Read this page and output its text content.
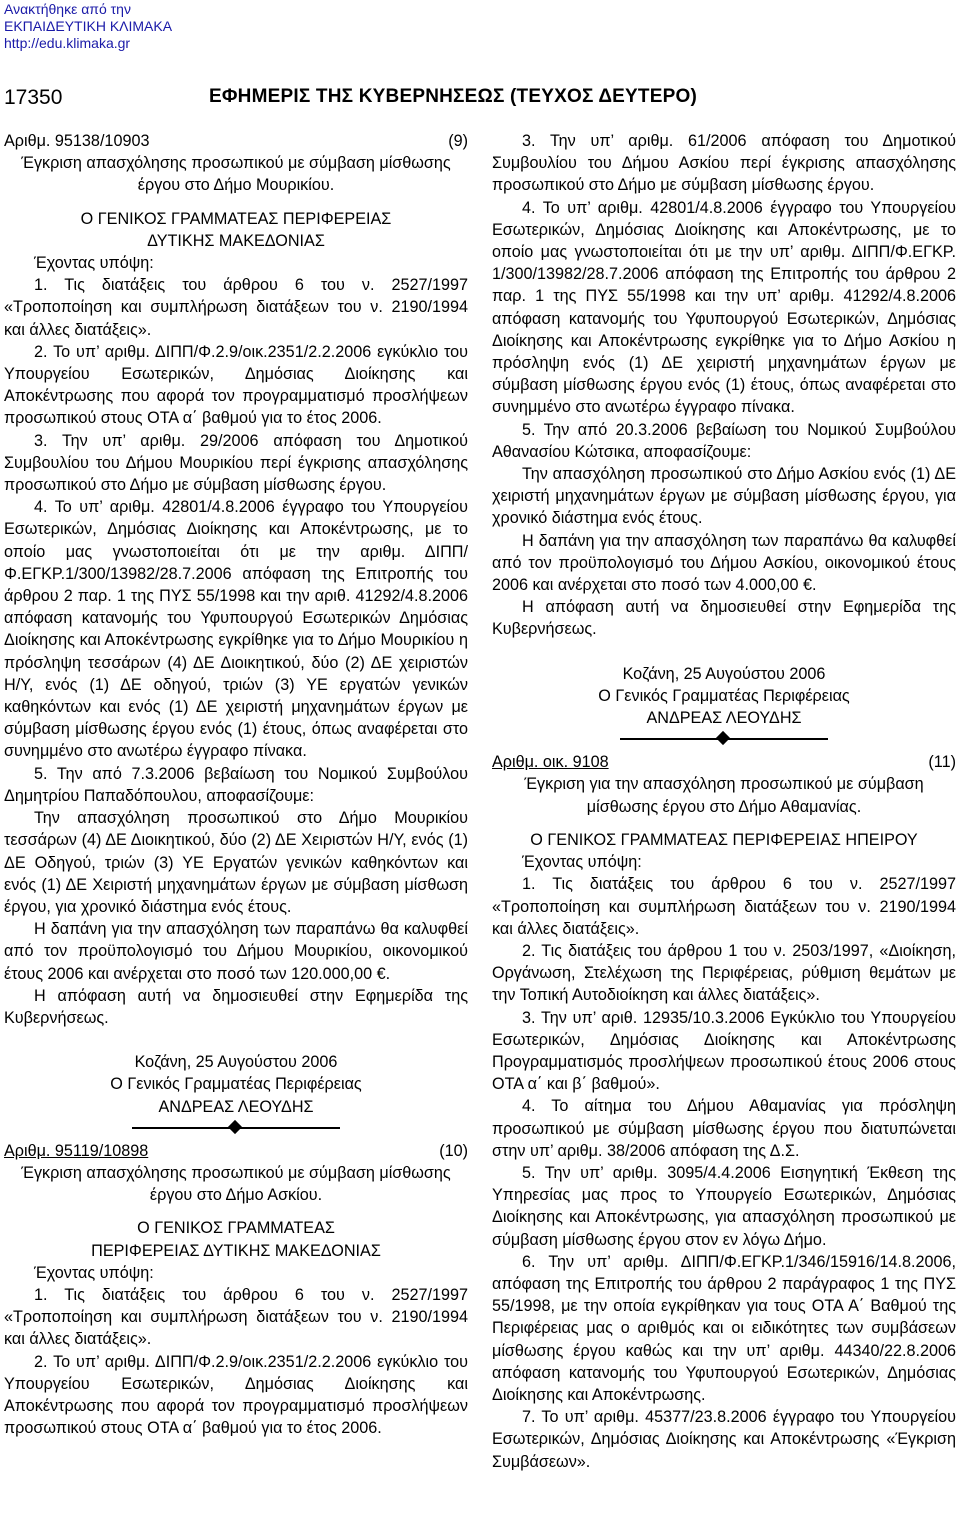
Ανακτήθηκε από την
ΕΚΠΑΙΔΕΥΤΙΚΗ ΚΛΙΜΑΚΑ
http://edu.klimaka.gr
17350	ΕΦΗΜΕΡΙΣ ΤΗΣ ΚΥΒΕΡΝΗΣΕΩΣ (ΤΕΥΧΟΣ ΔΕΥΤΕΡΟ)
Αριθμ. 95138/10903	(9)

Έγκριση απασχόλησης προσωπικού με σύμβαση μίσθωσης έργου στο Δήμο Μουρικίου.

Ο ΓΕΝΙΚΟΣ ΓΡΑΜΜΑΤΕΑΣ ΠΕΡΙΦΕΡΕΙΑΣ

ΔΥΤΙΚΗΣ ΜΑΚΕΔΟΝΙΑΣ

Έχοντας υπόψη:

1. Τις διατάξεις του άρθρου 6 του ν. 2527/1997 «Τροποποίηση και συμπλήρωση διατάξεων του ν. 2190/1994 και άλλες διατάξεις».

2. Το υπ’ αριθμ. ΔΙΠΠ/Φ.2.9/οικ.2351/2.2.2006 εγκύκλιο του Υπουργείου Εσωτερικών, Δημόσιας Διοίκησης και Αποκέντρωσης που αφορά τον προγραμματισμό προσλήψεων προσωπικού στους ΟΤΑ α΄ βαθμού για το έτος 2006.

3. Την υπ’ αριθμ. 29/2006 απόφαση του Δημοτικού Συμβουλίου του Δήμου Μουρικίου περί έγκρισης απασχόλησης προσωπικού στο Δήμο με σύμβαση μίσθωσης έργου.

4. Το υπ’ αριθμ. 42801/4.8.2006 έγγραφο του Υπουργείου Εσωτερικών, Δημόσιας Διοίκησης και Αποκέντρωσης, με το οποίο μας γνωστοποιείται ότι με την αριθμ. ΔΙΠΠ/Φ.ΕΓΚΡ.1/300/13982/28.7.2006 απόφαση της Επιτροπής του άρθρου 2 παρ. 1 της ΠΥΣ 55/1998 και την αριθ. 41292/4.8.2006 απόφαση κατανομής του Υφυπουργού Εσωτερικών Δημόσιας Διοίκησης και Αποκέντρωσης εγκρίθηκε για το Δήμο Μουρικίου η πρόσληψη τεσσάρων (4) ΔΕ Διοικητικού, δύο (2) ΔΕ χειριστών Η/Υ, ενός (1) ΔΕ οδηγού, τριών (3) ΥΕ εργατών γενικών καθηκόντων και ενός (1) ΔΕ χειριστή μηχανημάτων έργων με σύμβαση μίσθωσης έργου ενός (1) έτους, όπως αναφέρεται στο συνημμένο στο ανωτέρω έγγραφο πίνακα.

5. Την από 7.3.2006 βεβαίωση του Νομικού Συμβούλου Δημητρίου Παπαδόπουλου, αποφασίζουμε:

Την απασχόληση προσωπικού στο Δήμο Μουρικίου τεσσάρων (4) ΔΕ Διοικητικού, δύο (2) ΔΕ Χειριστών Η/Υ, ενός (1) ΔΕ Οδηγού, τριών (3) ΥΕ Εργατών γενικών καθηκόντων και ενός (1) ΔΕ Χειριστή μηχανημάτων έργων με σύμβαση μίσθωση έργου, για χρονικό διάστημα ενός έτους.

Η δαπάνη για την απασχόληση των παραπάνω θα καλυφθεί από τον προϋπολογισμό του Δήμου Μουρικίου, οικονομικού έτους 2006 και ανέρχεται στο ποσό των 120.000,00 €.

Η απόφαση αυτή να δημοσιευθεί στην Εφημερίδα της Κυβερνήσεως.

Κοζάνη, 25 Αυγούστου 2006

Ο Γενικός Γραμματέας Περιφέρειας

ΑΝΔΡΕΑΣ ΛΕΟΥΔΗΣ

Αριθμ. 95119/10898	(10)

Έγκριση απασχόλησης προσωπικού με σύμβαση μίσθωσης έργου στο Δήμο Ασκίου.

Ο ΓΕΝΙΚΟΣ ΓΡΑΜΜΑΤΕΑΣ

ΠΕΡΙΦΕΡΕΙΑΣ ΔΥΤΙΚΗΣ ΜΑΚΕΔΟΝΙΑΣ

Έχοντας υπόψη:

1. Τις διατάξεις του άρθρου 6 του ν. 2527/1997 «Τροποποίηση και συμπλήρωση διατάξεων του ν. 2190/1994 και άλλες διατάξεις».

2. Το υπ’ αριθμ. ΔΙΠΠ/Φ.2.9/οικ.2351/2.2.2006 εγκύκλιο του Υπουργείου Εσωτερικών, Δημόσιας Διοίκησης και Αποκέντρωσης που αφορά τον προγραμματισμό προσλήψεων προσωπικού στους ΟΤΑ α΄ βαθμού για το έτος 2006.

3. Την υπ’ αριθμ. 61/2006 απόφαση του Δημοτικού Συμβουλίου του Δήμου Ασκίου περί έγκρισης απασχόλησης προσωπικού στο Δήμο με σύμβαση μίσθωσης έργου.

4. Το υπ’ αριθμ. 42801/4.8.2006 έγγραφο του Υπουργείου Εσωτερικών, Δημόσιας Διοίκησης και Αποκέντρωσης, με το οποίο μας γνωστοποιείται ότι με την υπ’ αριθμ. ΔΙΠΠ/Φ.ΕΓΚΡ. 1/300/13982/28.7.2006 απόφαση της Επιτροπής του άρθρου 2 παρ. 1 της ΠΥΣ 55/1998 και την υπ’ αριθμ. 41292/4.8.2006 απόφαση κατανομής του Υφυπουργού Εσωτερικών, Δημόσιας Διοίκησης και Αποκέντρωσης εγκρίθηκε για το Δήμο Ασκίου η πρόσληψη ενός (1) ΔΕ χειριστή μηχανημάτων έργων με σύμβαση μίσθωσης έργου ενός (1) έτους, όπως αναφέρεται στο συνημμένο στο ανωτέρω έγγραφο πίνακα.

5. Την από 20.3.2006 βεβαίωση του Νομικού Συμβούλου Αθανασίου Κώτσικα, αποφασίζουμε:

Την απασχόληση προσωπικού στο Δήμο Ασκίου ενός (1) ΔΕ χειριστή μηχανημάτων έργων με σύμβαση μίσθωσης έργου, για χρονικό διάστημα ενός έτους.

Η δαπάνη για την απασχόληση των παραπάνω θα καλυφθεί από τον προϋπολογισμό του Δήμου Ασκίου, οικονομικού έτους 2006 και ανέρχεται στο ποσό των 4.000,00 €.

Η απόφαση αυτή να δημοσιευθεί στην Εφημερίδα της Κυβερνήσεως.

Κοζάνη, 25 Αυγούστου 2006

Ο Γενικός Γραμματέας Περιφέρειας

ΑΝΔΡΕΑΣ ΛΕΟΥΔΗΣ

Αριθμ. οικ. 9108	(11)

Έγκριση για την απασχόληση προσωπικού με σύμβαση μίσθωσης έργου στο Δήμο Αθαμανίας.

Ο ΓΕΝΙΚΟΣ ΓΡΑΜΜΑΤΕΑΣ ΠΕΡΙΦΕΡΕΙΑΣ ΗΠΕΙΡΟΥ

Έχοντας υπόψη:

1. Τις διατάξεις του άρθρου 6 του ν. 2527/1997 «Τροποποίηση και συμπλήρωση διατάξεων του ν. 2190/1994 και άλλες διατάξεις».

2. Τις διατάξεις του άρθρου 1 του ν. 2503/1997, «Διοίκηση, Οργάνωση, Στελέχωση της Περιφέρειας, ρύθμιση θεμάτων με την Τοπική Αυτοδιοίκηση και άλλες διατάξεις».

3. Την υπ’ αριθ. 12935/10.3.2006 Εγκύκλιο του Υπουργείου Εσωτερικών, Δημόσιας Διοίκησης και Αποκέντρωσης Προγραμματισμός προσλήψεων προσωπικού έτους 2006 στους ΟΤΑ α΄ και β΄ βαθμού».

4. Το αίτημα του Δήμου Αθαμανίας για πρόσληψη προσωπικού με σύμβαση μίσθωσης έργου που διατυπώνεται στην υπ’ αριθμ. 38/2006 απόφαση της Δ.Σ.

5. Την υπ’ αριθμ. 3095/4.4.2006 Εισηγητική Έκθεση της Υπηρεσίας μας προς το Υπουργείο Εσωτερικών, Δημόσιας Διοίκησης και Αποκέντρωσης, για απασχόληση προσωπικού με σύμβαση μίσθωσης έργου στον εν λόγω Δήμο.

6. Την υπ’ αριθμ. ΔΙΠΠ/Φ.ΕΓΚΡ.1/346/15916/14.8.2006, απόφαση της Επιτροπής του άρθρου 2 παράγραφος 1 της ΠΥΣ 55/1998, με την οποία εγκρίθηκαν για τους ΟΤΑ Α΄ Βαθμού της Περιφέρειας μας ο αριθμός και οι ειδικότητες των συμβάσεων μίσθωσης έργου καθώς και την υπ’ αριθμ. 44340/22.8.2006 απόφαση κατανομής του Υφυπουργού Εσωτερικών, Δημόσιας Διοίκησης και Αποκέντρωσης.

7. Το υπ’ αριθμ. 45377/23.8.2006 έγγραφο του Υπουργείου Εσωτερικών, Δημόσιας Διοίκησης και Αποκέντρωσης «Έγκριση Συμβάσεων».
